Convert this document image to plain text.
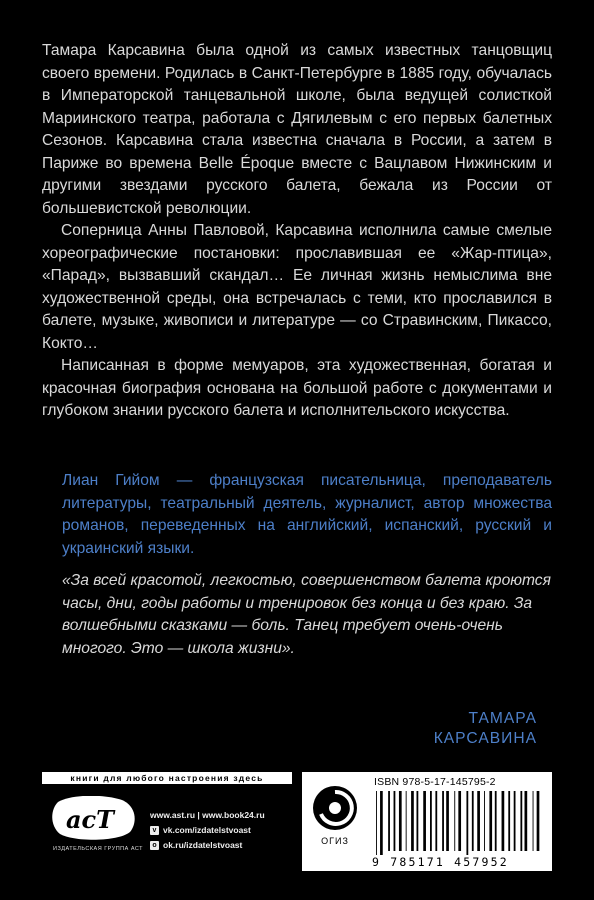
Тамара Карсавина была одной из самых известных танцовщиц своего времени. Родилась в Санкт-Петербурге в 1885 году, обучалась в Императорской танцевальной школе, была ведущей солисткой Мариинского театра, работала с Дягилевым с его первых балетных Сезонов. Карсавина стала известна сначала в России, а затем в Париже во времена Belle Époque вместе с Вацлавом Нижинским и другими звездами русского балета, бежала из России от большевистской революции.

Соперница Анны Павловой, Карсавина исполнила самые смелые хореографические постановки: прославившая ее «Жар-птица», «Парад», вызвавший скандал… Ее личная жизнь немыслима вне художественной среды, она встречалась с теми, кто прославился в балете, музыке, живописи и литературе — со Стравинским, Пикассо, Кокто…

Написанная в форме мемуаров, эта художественная, богатая и красочная биография основана на большой работе с документами и глубоком знании русского балета и исполнительского искусства.

Лиан Гийом — французская писательница, преподаватель литературы, театральный деятель, журналист, автор множества романов, переведенных на английский, испанский, русский и украинский языки.

«За всей красотой, легкостью, совершенством балета кроются часы, дни, годы работы и тренировок без конца и без краю. За волшебными сказками — боль. Танец требует очень-очень многого. Это — школа жизни».

ТАМАРА
КАРСАВИНА
книги для любого настроения здесь
acT
ИЗДАТЕЛЬСКАЯ ГРУППА АСТ
www.ast.ru | www.book24.ru
v vk.com/izdatelstvoast
o ok.ru/izdatelstvoast	ОГИЗ
ISBN 978-5-17-145795-2
9 785171 457952
